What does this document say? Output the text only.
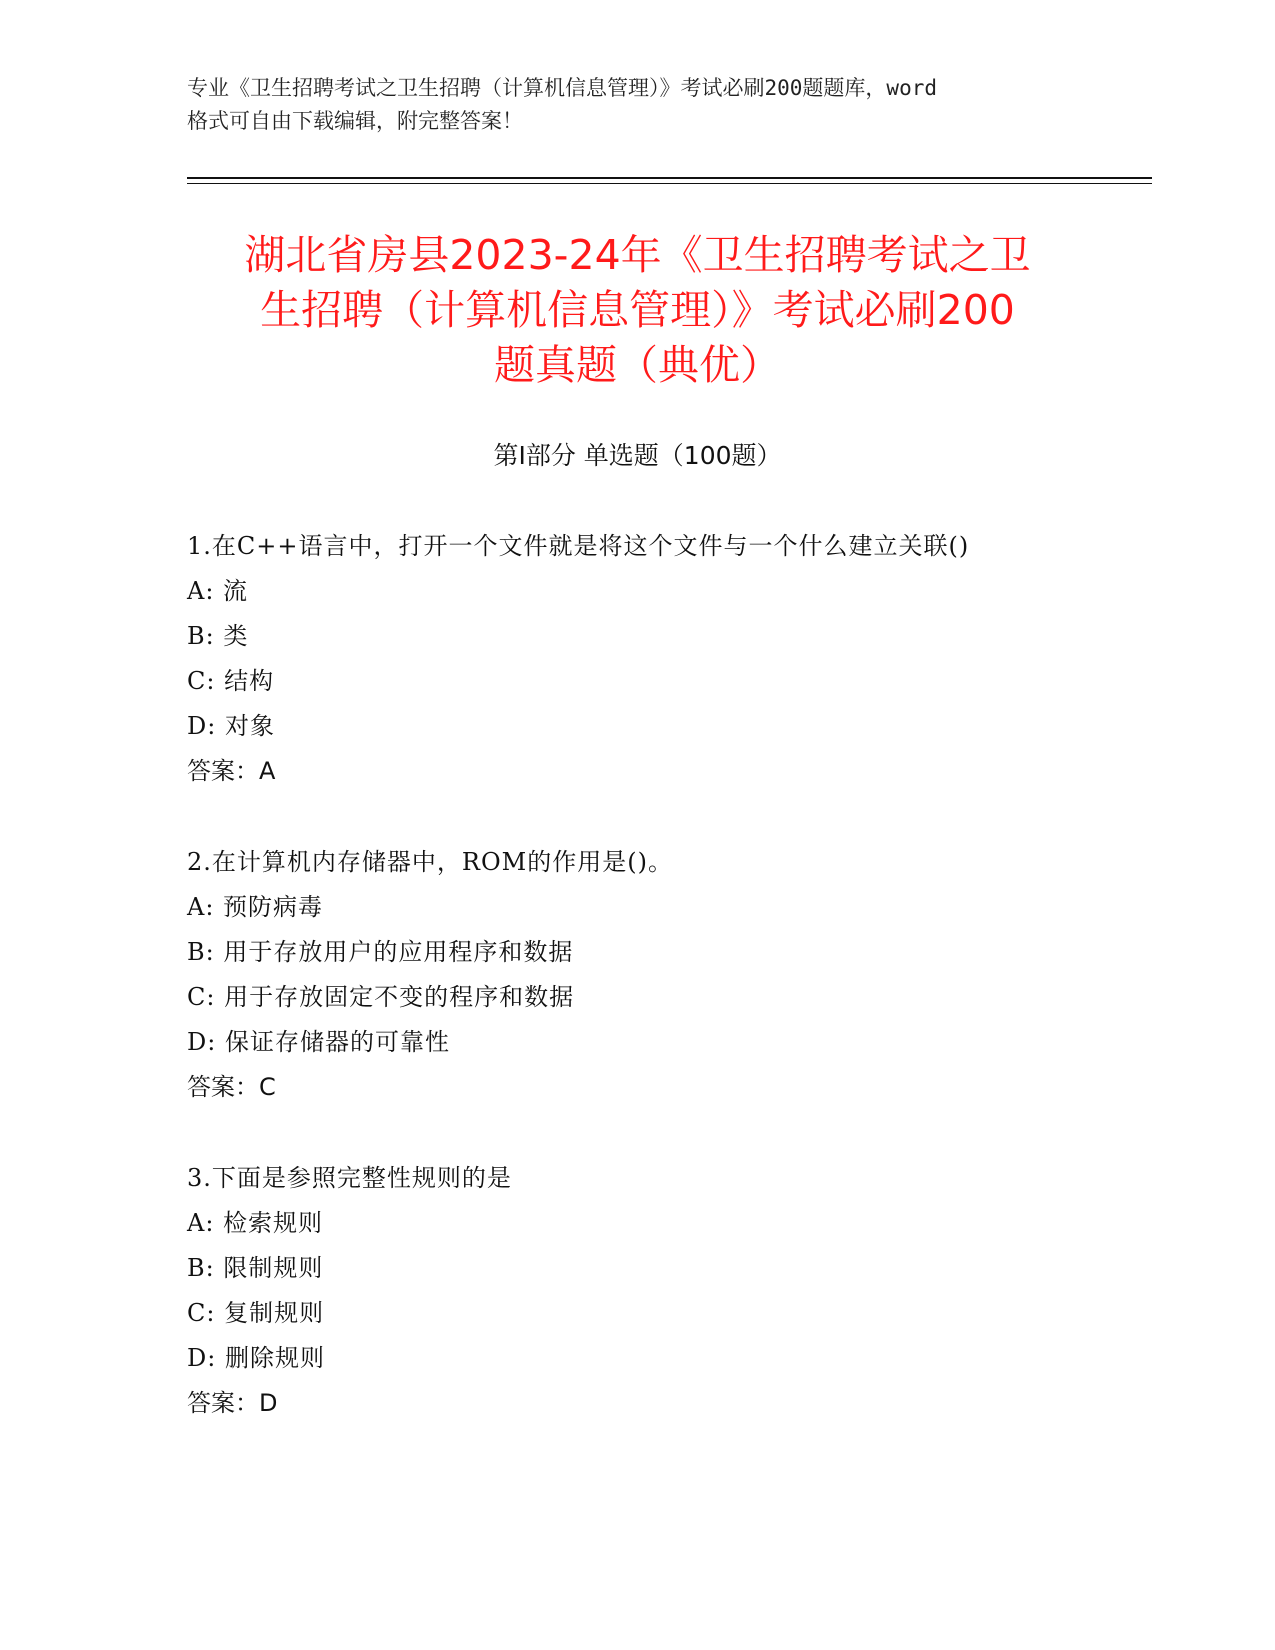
专业《卫生招聘考试之卫生招聘（计算机信息管理）》考试必刷200题题库，word
格式可自由下载编辑，附完整答案！
湖北省房县2023-24年《卫生招聘考试之卫
生招聘（计算机信息管理）》考试必刷200
题真题（典优）
第Ⅰ部分 单选题（100题）
1.在C++语言中，打开一个文件就是将这个文件与一个什么建立关联()
A: 流
B: 类
C: 结构
D: 对象
答案：A
2.在计算机内存储器中，ROM的作用是()。
A: 预防病毒
B: 用于存放用户的应用程序和数据
C: 用于存放固定不变的程序和数据
D: 保证存储器的可靠性
答案：C
3.下面是参照完整性规则的是
A: 检索规则
B: 限制规则
C: 复制规则
D: 删除规则
答案：D
